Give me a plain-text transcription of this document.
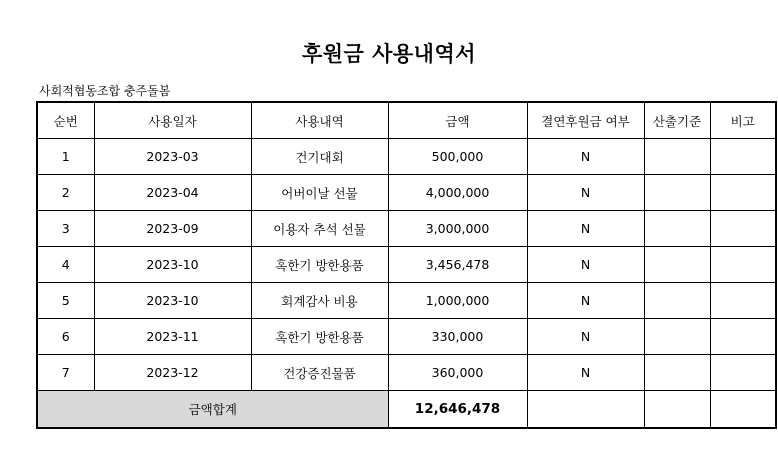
후원금 사용내역서
사회적협동조합 충주돌봄
순번	사용일자	사용내역	금액	결연후원금 여부	산출기준	비고
1	2023-03	건기대회	500,000	N		
2	2023-04	어버이날 선물	4,000,000	N		
3	2023-09	이용자 추석 선물	3,000,000	N		
4	2023-10	혹한기 방한용품	3,456,478	N		
5	2023-10	회계감사 비용	1,000,000	N		
6	2023-11	혹한기 방한용품	330,000	N		
7	2023-12	건강증진물품	360,000	N		
금액합계			12,646,478			
